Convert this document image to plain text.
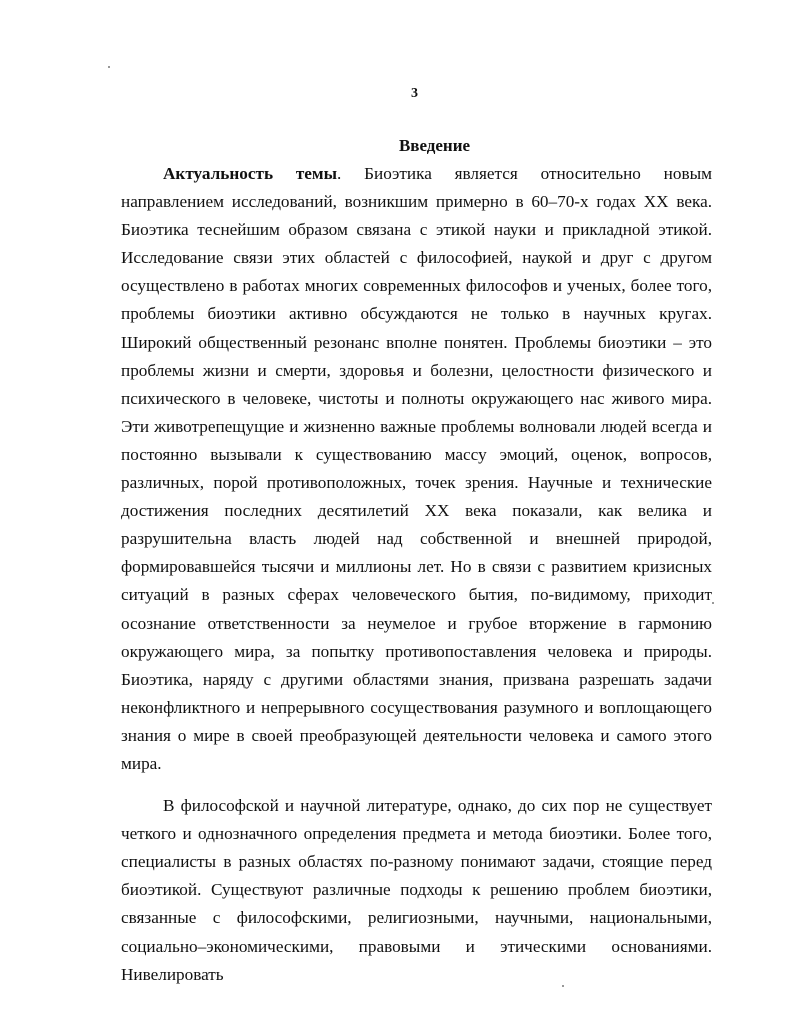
3

Введение

Актуальность темы. Биоэтика является относительно новым направлением исследований, возникшим примерно в 60–70-х годах XX века. Биоэтика теснейшим образом связана с этикой науки и прикладной этикой. Исследование связи этих областей с философией, наукой и друг с другом осуществлено в работах многих современных философов и ученых, более того, проблемы биоэтики активно обсуждаются не только в научных кругах. Широкий общественный резонанс вполне понятен. Проблемы биоэтики – это проблемы жизни и смерти, здоровья и болезни, целостности физического и психического в человеке, чистоты и полноты окружающего нас живого мира. Эти животрепещущие и жизненно важные проблемы волновали людей всегда и постоянно вызывали к существованию массу эмоций, оценок, вопросов, различных, порой противоположных, точек зрения. Научные и технические достижения последних десятилетий XX века показали, как велика и разрушительна власть людей над собственной и внешней природой, формировавшейся тысячи и миллионы лет. Но в связи с развитием кризисных ситуаций в разных сферах человеческого бытия, по-видимому, приходит осознание ответственности за неумелое и грубое вторжение в гармонию окружающего мира, за попытку противопоставления человека и природы. Биоэтика, наряду с другими областями знания, призвана разрешать задачи неконфликтного и непрерывного сосуществования разумного и воплощающего знания о мире в своей преобразующей деятельности человека и самого этого мира.

В философской и научной литературе, однако, до сих пор не существует четкого и однозначного определения предмета и метода биоэтики. Более того, специалисты в разных областях по-разному понимают задачи, стоящие перед биоэтикой. Существуют различные подходы к решению проблем биоэтики, связанные с философскими, религиозными, научными, национальными, социально–экономическими, правовыми и этическими основаниями. Нивелировать
